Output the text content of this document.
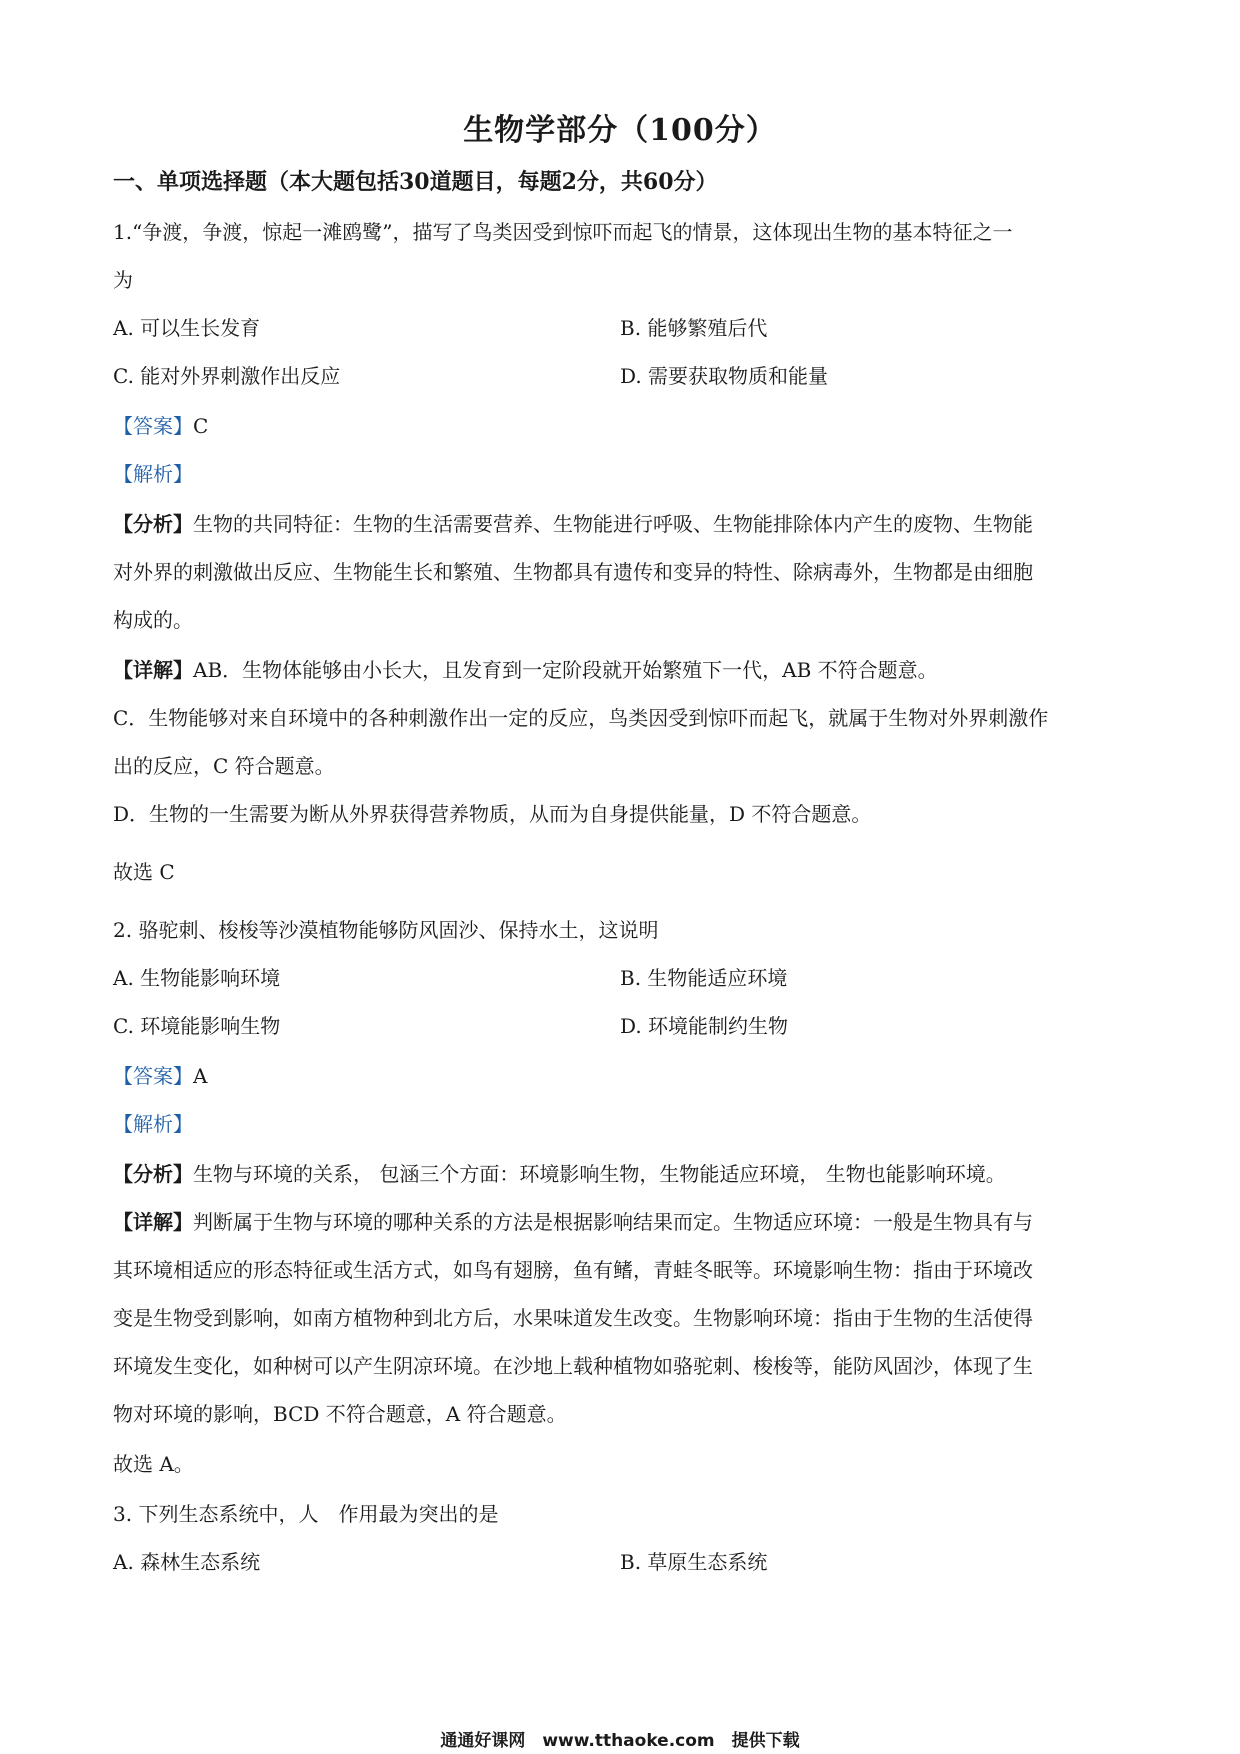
生物学部分（100分）
一、单项选择题（本大题包括30道题目，每题2分，共60分）
1.“争渡，争渡，惊起一滩鸥鹭”，描写了鸟类因受到惊吓而起飞的情景，这体现出生物的基本特征之一
为
A. 可以生长发育	B. 能够繁殖后代
C. 能对外界刺激作出反应	D. 需要获取物质和能量
【答案】C
【解析】
【分析】生物的共同特征：生物的生活需要营养、生物能进行呼吸、生物能排除体内产生的废物、生物能
对外界的刺激做出反应、生物能生长和繁殖、生物都具有遗传和变异的特性、除病毒外，生物都是由细胞
构成的。
【详解】AB．生物体能够由小长大，且发育到一定阶段就开始繁殖下一代，AB 不符合题意。
C．生物能够对来自环境中的各种刺激作出一定的反应，鸟类因受到惊吓而起飞，就属于生物对外界刺激作
出的反应，C 符合题意。
D．生物的一生需要为断从外界获得营养物质，从而为自身提供能量，D 不符合题意。
故选 C
2. 骆驼刺、梭梭等沙漠植物能够防风固沙、保持水土，这说明
A. 生物能影响环境	B. 生物能适应环境
C. 环境能影响生物	D. 环境能制约生物
【答案】A
【解析】
【分析】生物与环境的关系， 包涵三个方面：环境影响生物，生物能适应环境， 生物也能影响环境。
【详解】判断属于生物与环境的哪种关系的方法是根据影响结果而定。生物适应环境：一般是生物具有与
其环境相适应的形态特征或生活方式，如鸟有翅膀，鱼有鳍，青蛙冬眠等。环境影响生物：指由于环境改
变是生物受到影响，如南方植物种到北方后，水果味道发生改变。生物影响环境：指由于生物的生活使得
环境发生变化，如种树可以产生阴凉环境。在沙地上载种植物如骆驼刺、梭梭等，能防风固沙，体现了生
物对环境的影响，BCD 不符合题意，A 符合题意。
故选 A。
3. 下列生态系统中，人　作用最为突出的是
A. 森林生态系统	B. 草原生态系统
通通好课网　www.tthaoke.com　提供下载
